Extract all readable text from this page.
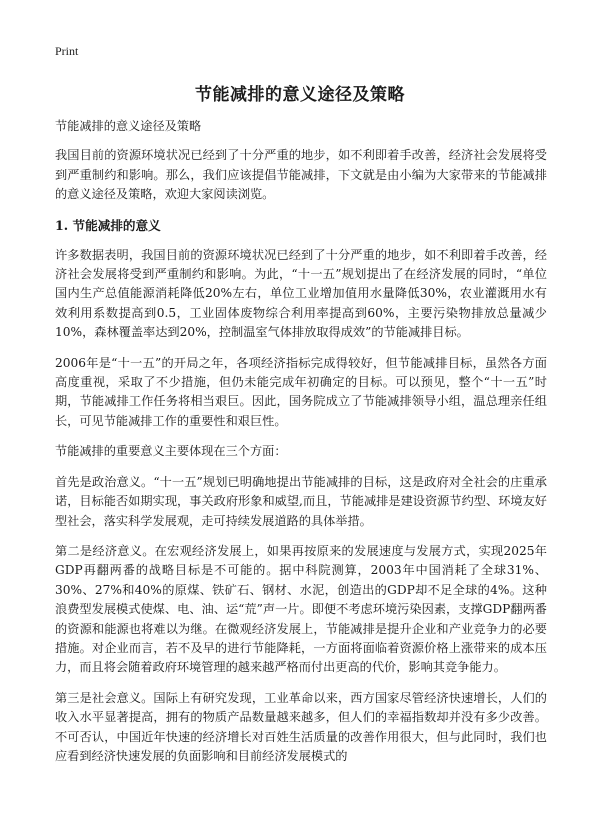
Print
节能减排的意义途径及策略

节能减排的意义途径及策略

我国目前的资源环境状况已经到了十分严重的地步，如不利即着手改善，经济社会发展将受到严重制约和影响。那么，我们应该提倡节能减排，下文就是由小编为大家带来的节能减排的意义途径及策略，欢迎大家阅读浏览。

1. 节能减排的意义

许多数据表明，我国目前的资源环境状况已经到了十分严重的地步，如不利即着手改善，经济社会发展将受到严重制约和影响。为此，“十一五”规划提出了在经济发展的同时，“单位国内生产总值能源消耗降低20%左右，单位工业增加值用水量降低30%，农业灌溉用水有效利用系数提高到0.5，工业固体废物综合利用率提高到60%，主要污染物排放总量减少10%，森林覆盖率达到20%，控制温室气体排放取得成效”的节能减排目标。

2006年是“十一五”的开局之年，各项经济指标完成得较好，但节能减排目标，虽然各方面高度重视，采取了不少措施，但仍未能完成年初确定的目标。可以预见，整个“十一五”时期，节能减排工作任务将相当艰巨。因此，国务院成立了节能减排领导小组，温总理亲任组长，可见节能减排工作的重要性和艰巨性。

节能减排的重要意义主要体现在三个方面：

首先是政治意义。“十一五”规划已明确地提出节能减排的目标，这是政府对全社会的庄重承诺，目标能否如期实现，事关政府形象和威望,而且，节能减排是建设资源节约型、环境友好型社会，落实科学发展观，走可持续发展道路的具体举措。

第二是经济意义。在宏观经济发展上，如果再按原来的发展速度与发展方式，实现2025年GDP再翻两番的战略目标是不可能的。据中科院测算，2003年中国消耗了全球31%、30%、27%和40%的原煤、铁矿石、钢材、水泥，创造出的GDP却不足全球的4%。这种浪费型发展模式使煤、电、油、运“荒”声一片。即便不考虑环境污染因素，支撑GDP翻两番的资源和能源也将难以为继。在微观经济发展上，节能减排是提升企业和产业竞争力的必要措施。对企业而言，若不及早的进行节能降耗，一方面将面临着资源价格上涨带来的成本压力，而且将会随着政府环境管理的越来越严格而付出更高的代价，影响其竞争能力。

第三是社会意义。国际上有研究发现，工业革命以来，西方国家尽管经济快速增长，人们的收入水平显著提高，拥有的物质产品数量越来越多，但人们的幸福指数却并没有多少改善。不可否认，中国近年快速的经济增长对百姓生活质量的改善作用很大，但与此同时，我们也应看到经济快速发展的负面影响和目前经济发展模式的
